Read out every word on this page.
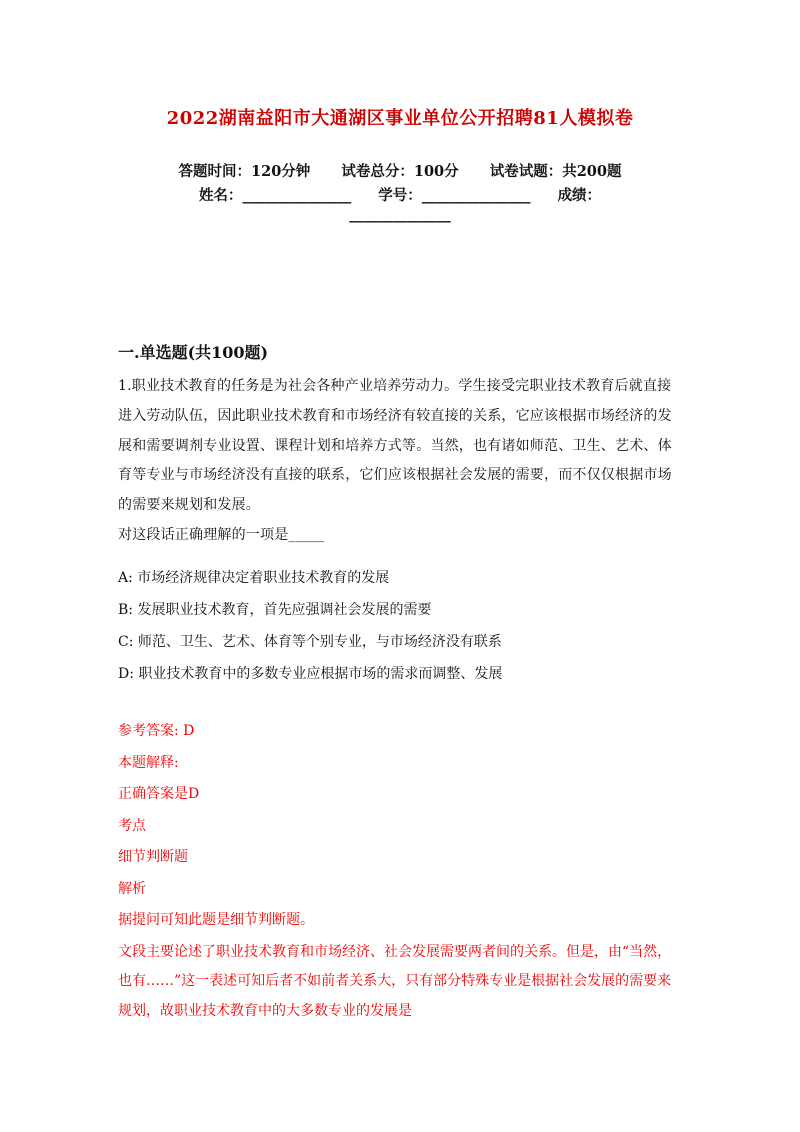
2022湖南益阳市大通湖区事业单位公开招聘81人模拟卷
答题时间：120分钟 试卷总分：100分 试卷试题：共200题
姓名：_______________ 学号：_______________ 成绩：
______________
一.单选题(共100题)

1.职业技术教育的任务是为社会各种产业培养劳动力。学生接受完职业技术教育后就直接进入劳动队伍，因此职业技术教育和市场经济有较直接的关系，它应该根据市场经济的发展和需要调剂专业设置、课程计划和培养方式等。当然，也有诸如师范、卫生、艺术、体育等专业与市场经济没有直接的联系，它们应该根据社会发展的需要，而不仅仅根据市场的需要来规划和发展。

对这段话正确理解的一项是_____

A: 市场经济规律决定着职业技术教育的发展
B: 发展职业技术教育，首先应强调社会发展的需要
C: 师范、卫生、艺术、体育等个别专业，与市场经济没有联系
D: 职业技术教育中的多数专业应根据市场的需求而调整、发展
参考答案: D
本题解释:
正确答案是D
考点
细节判断题
解析
据提问可知此题是细节判断题。
文段主要论述了职业技术教育和市场经济、社会发展需要两者间的关系。但是，由“当然，也有……”这一表述可知后者不如前者关系大，只有部分特殊专业是根据社会发展的需要来规划，故职业技术教育中的大多数专业的发展是
